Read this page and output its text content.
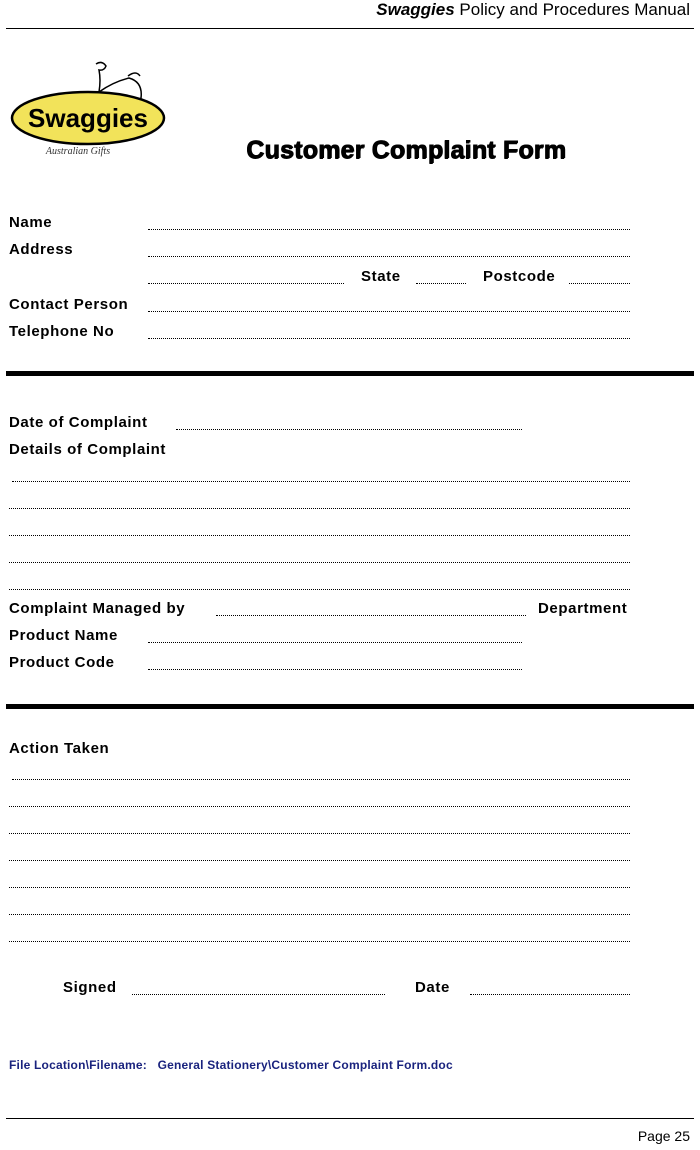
Swaggies Policy and Procedures Manual
Swaggies
Australian Gifts	Customer Complaint Form
Name
Address
State	Postcode
Contact Person
Telephone No
Date of Complaint
Details of Complaint
Complaint Managed by	Department
Product Name
Product Code
Action Taken
Signed	Date
File Location\Filename: General Stationery\Customer Complaint Form.doc
Page 25
